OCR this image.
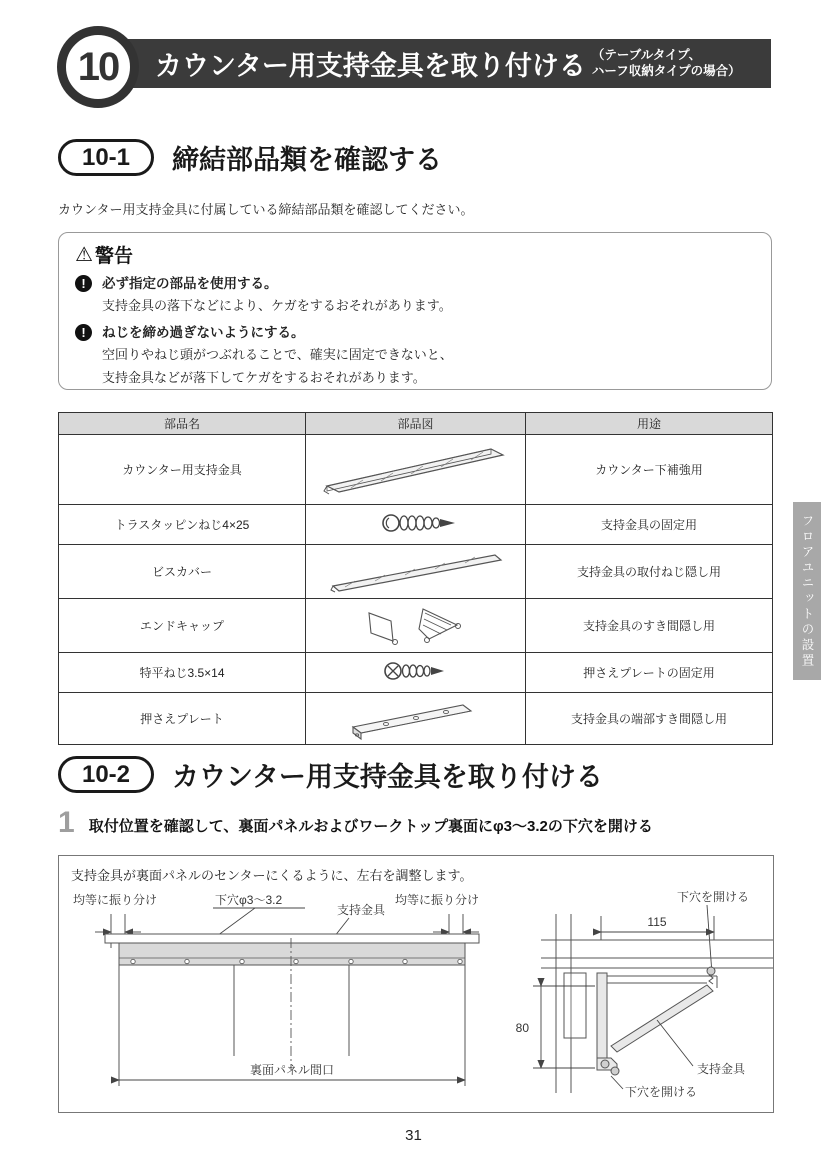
10 カウンター用支持金具を取り付ける （テーブルタイプ、
ハーフ収納タイプの場合）
10-1	締結部品類を確認する
カウンター用支持金具に付属している締結部品類を確認してください。
⚠ 警告
!	必ず指定の部品を使用する。
支持金具の落下などにより、ケガをするおそれがあります。
!	ねじを締め過ぎないようにする。
空回りやねじ頭がつぶれることで、確実に固定できないと、
支持金具などが落下してケガをするおそれがあります。
部品名	部品図	用途
カウンター用支持金具		カウンター下補強用
トラスタッピンねじ4×25		支持金具の固定用
ビスカバー		支持金具の取付ねじ隠し用
エンドキャップ		支持金具のすき間隠し用
特平ねじ3.5×14		押さえプレートの固定用
押さえプレート		支持金具の端部すき間隠し用
10-2	カウンター用支持金具を取り付ける
1 取付位置を確認して、裏面パネルおよびワークトップ裏面にφ3〜3.2の下穴を開ける
支持金具が裏面パネルのセンターにくるように、左右を調整します。
均等に振り分け	下穴φ3〜3.2
支持金具
均等に振り分け
裏面パネル間口
下穴を開ける
115
80
支持金具
下穴を開ける
フロアユニットの設置
31
